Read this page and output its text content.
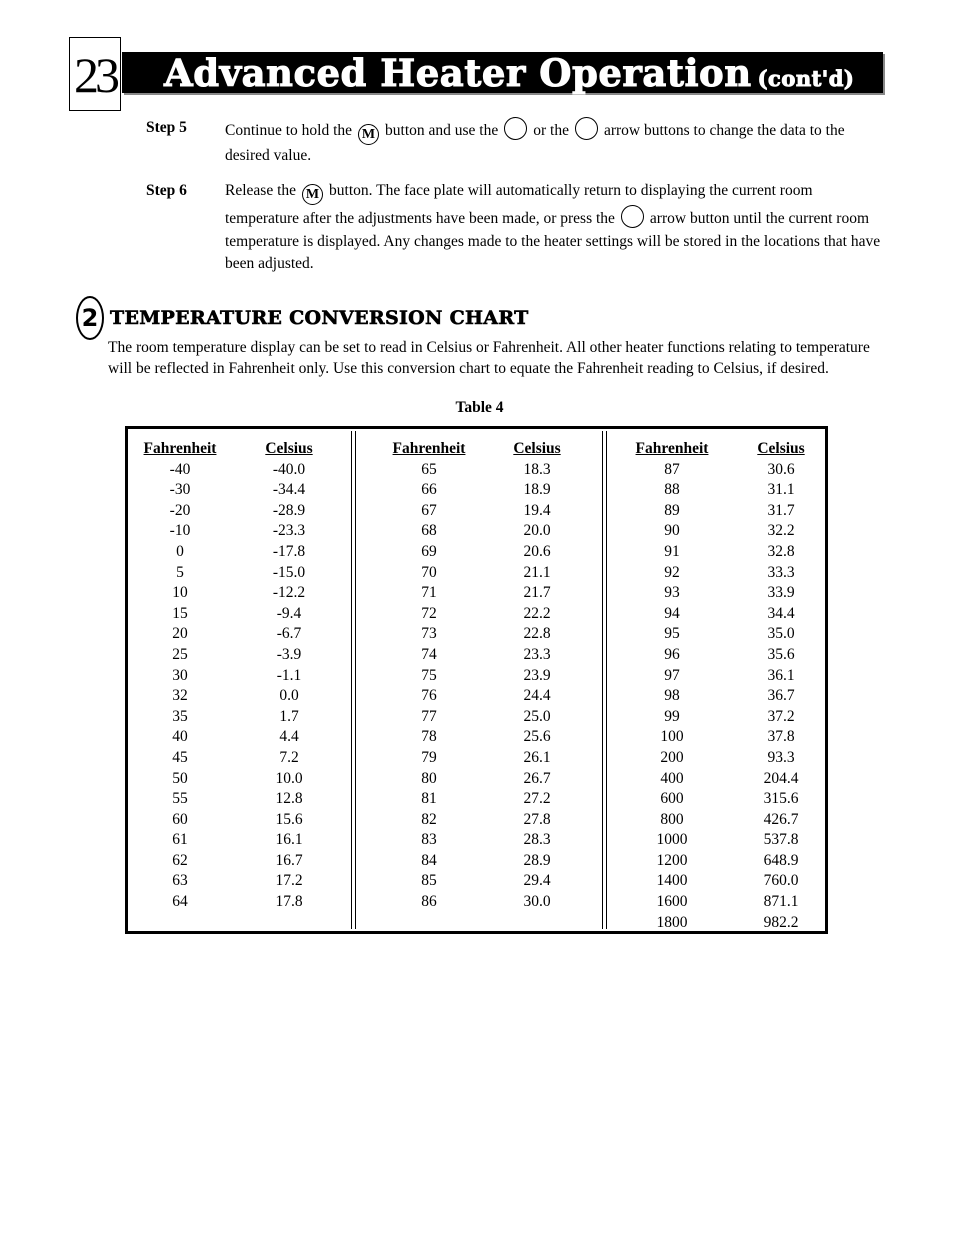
23 Advanced Heater Operation (cont'd)
Step 5 Continue to hold the M button and use the or the arrow buttons to change the data to the desired value.
Step 6 Release the M button. The face plate will automatically return to displaying the current room temperature after the adjustments have been made, or press the arrow button until the current room temperature is displayed. Any changes made to the heater settings will be stored in the locations that have been adjusted.
2 TEMPERATURE CONVERSION CHART
The room temperature display can be set to read in Celsius or Fahrenheit. All other heater functions relating to temperature will be reflected in Fahrenheit only. Use this conversion chart to equate the Fahrenheit reading to Celsius, if desired.
Table 4
Fahrenheit
-40
-30
-20
-10
0
5
10
15
20
25
30
32
35
40
45
50
55
60
61
62
63
64
Celsius
-40.0
-34.4
-28.9
-23.3
-17.8
-15.0
-12.2
-9.4
-6.7
-3.9
-1.1
0.0
1.7
4.4
7.2
10.0
12.8
15.6
16.1
16.7
17.2
17.8
Fahrenheit
65
66
67
68
69
70
71
72
73
74
75
76
77
78
79
80
81
82
83
84
85
86
Celsius
18.3
18.9
19.4
20.0
20.6
21.1
21.7
22.2
22.8
23.3
23.9
24.4
25.0
25.6
26.1
26.7
27.2
27.8
28.3
28.9
29.4
30.0
Fahrenheit
87
88
89
90
91
92
93
94
95
96
97
98
99
100
200
400
600
800
1000
1200
1400
1600
1800
Celsius
30.6
31.1
31.7
32.2
32.8
33.3
33.9
34.4
35.0
35.6
36.1
36.7
37.2
37.8
93.3
204.4
315.6
426.7
537.8
648.9
760.0
871.1
982.2
